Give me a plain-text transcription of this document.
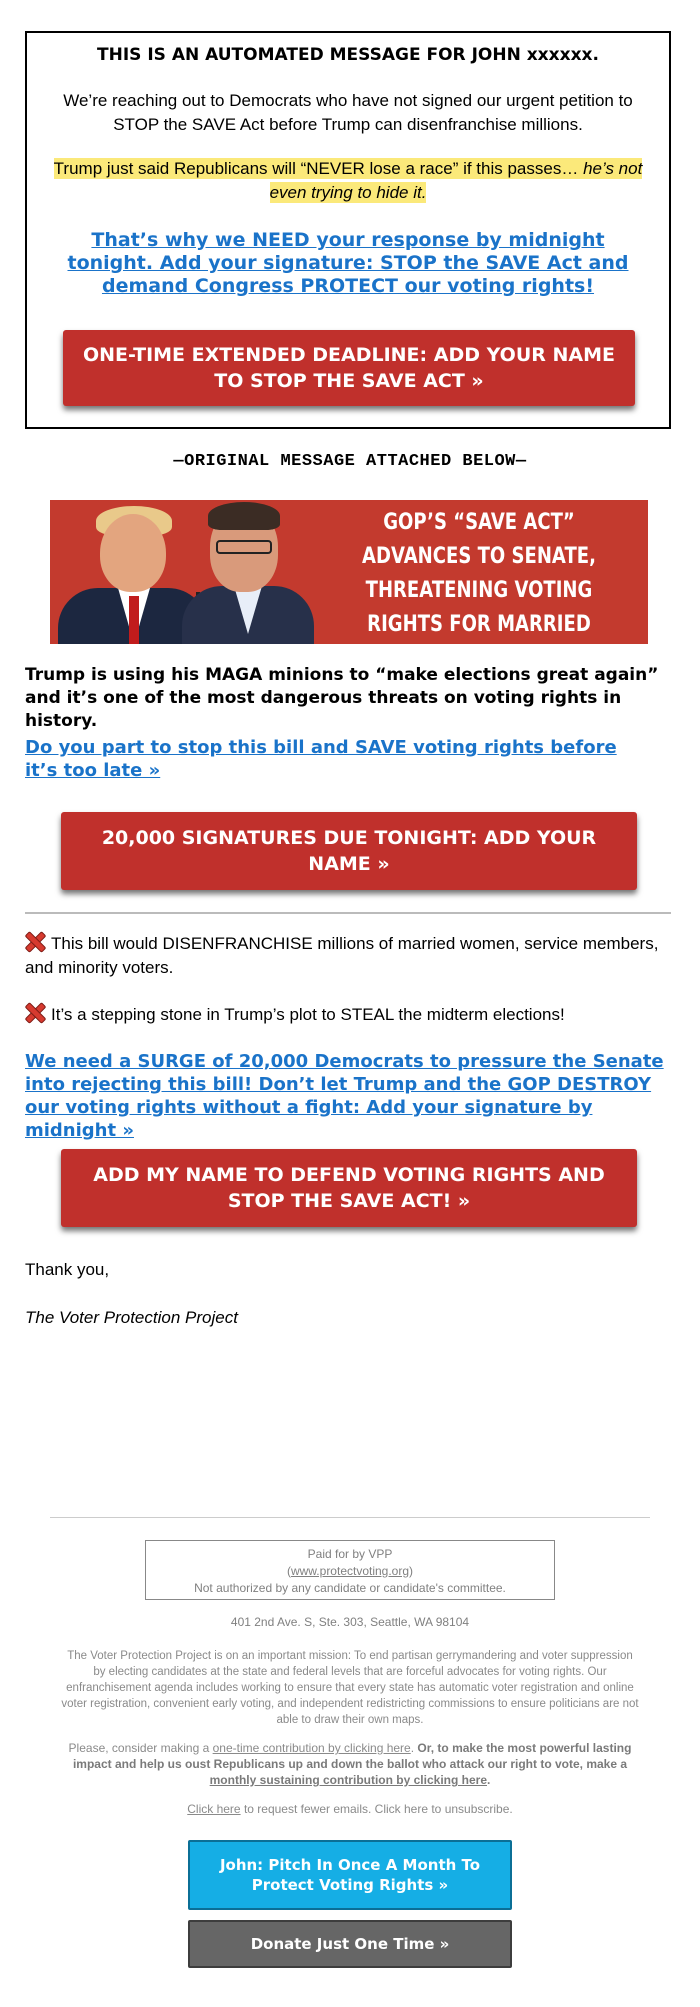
THIS IS AN AUTOMATED MESSAGE FOR JOHN xxxxxx.
We’re reaching out to Democrats who have not signed our urgent petition to STOP the SAVE Act before Trump can disenfranchise millions.
Trump just said Republicans will “NEVER lose a race” if this passes… he’s not even trying to hide it.
That’s why we NEED your response by midnight tonight. Add your signature: STOP the SAVE Act and demand Congress PROTECT our voting rights!
ONE-TIME EXTENDED DEADLINE: ADD YOUR NAME TO STOP THE SAVE ACT »
—ORIGINAL MESSAGE ATTACHED BELOW—
GOP’S “SAVE ACT” ADVANCES TO SENATE, THREATENING VOTING RIGHTS FOR MARRIED
Trump is using his MAGA minions to “make elections great again” and it’s one of the most dangerous threats on voting rights in history.
Do you part to stop this bill and SAVE voting rights before it’s too late »
20,000 SIGNATURES DUE TONIGHT: ADD YOUR NAME »
This bill would DISENFRANCHISE millions of married women, service members, and minority voters.
It’s a stepping stone in Trump’s plot to STEAL the midterm elections!
We need a SURGE of 20,000 Democrats to pressure the Senate into rejecting this bill! Don’t let Trump and the GOP DESTROY our voting rights without a fight: Add your signature by midnight »
ADD MY NAME TO DEFEND VOTING RIGHTS AND STOP THE SAVE ACT! »
Thank you,
The Voter Protection Project
Paid for by VPP
(www.protectvoting.org)
Not authorized by any candidate or candidate's committee.
401 2nd Ave. S, Ste. 303, Seattle, WA 98104
The Voter Protection Project is on an important mission: To end partisan gerrymandering and voter suppression by electing candidates at the state and federal levels that are forceful advocates for voting rights. Our enfranchisement agenda includes working to ensure that every state has automatic voter registration and online voter registration, convenient early voting, and independent redistricting commissions to ensure politicians are not able to draw their own maps.
Please, consider making a one-time contribution by clicking here. Or, to make the most powerful lasting impact and help us oust Republicans up and down the ballot who attack our right to vote, make a monthly sustaining contribution by clicking here.
Click here to request fewer emails. Click here to unsubscribe.
John: Pitch In Once A Month To Protect Voting Rights »
Donate Just One Time »
